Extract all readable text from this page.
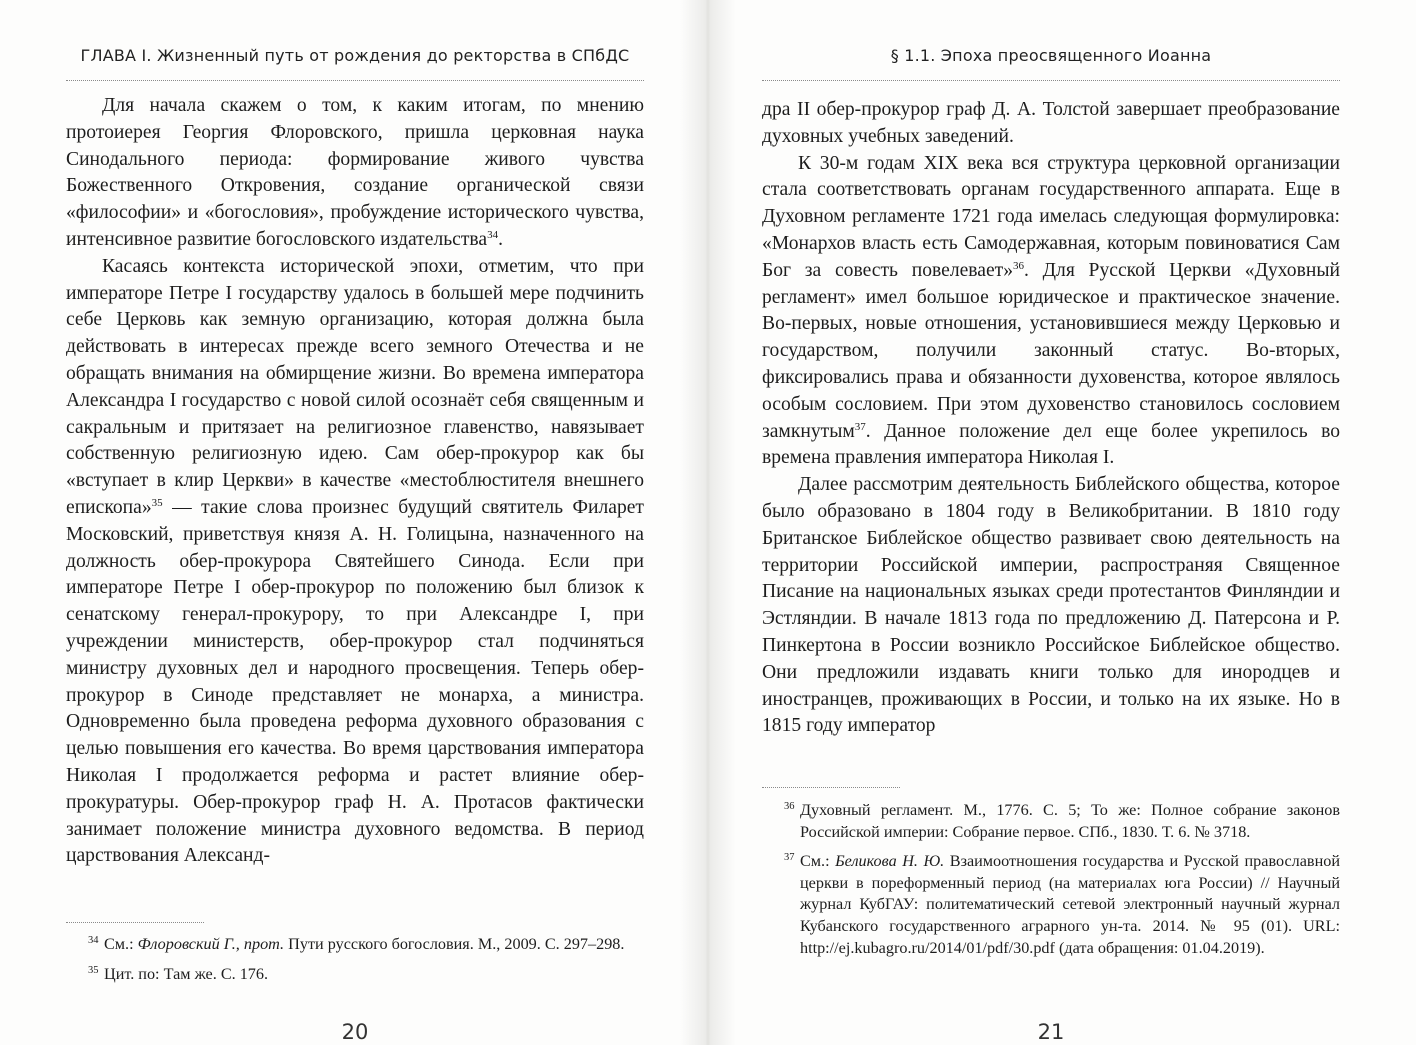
ГЛАВА I. Жизненный путь от рождения до ректорства в СПбДС

Для начала скажем о том, к каким итогам, по мнению протоиерея Георгия Флоровского, пришла церковная наука Синодального периода: формирование живого чувства Божественного Откровения, создание органической связи «философии» и «богословия», пробуждение исторического чувства, интенсивное развитие богословского издательства$^{34}$.

Касаясь контекста исторической эпохи, отметим, что при императоре Петре I государству удалось в большей мере подчинить себе Церковь как земную организацию, которая должна была действовать в интересах прежде всего земного Отечества и не обращать внимания на обмирщение жизни. Во времена императора Александра I государство с новой силой осознаёт себя священным и сакральным и притязает на религиозное главенство, навязывает собственную религиозную идею. Сам обер-прокурор как бы «вступает в клир Церкви» в качестве «местоблюстителя внешнего епископа»$^{35}$ — такие слова произнес будущий святитель Филарет Московский, приветствуя князя А. Н. Голицына, назначенного на должность обер-прокурора Святейшего Синода. Если при императоре Петре I обер-прокурор по положению был близок к сенатскому генерал-прокурору, то при Александре I, при учреждении министерств, обер-прокурор стал подчиняться министру духовных дел и народного просвещения. Теперь обер-прокурор в Синоде представляет не монарха, а министра. Одновременно была проведена реформа духовного образования с целью повышения его качества. Во время царствования императора Николая I продолжается реформа и растет влияние обер-прокуратуры. Обер-прокурор граф Н. А. Протасов фактически занимает положение министра духовного ведомства. В период царствования Александ-

34 См.: Флоровский Г., прот. Пути русского богословия. М., 2009. С. 297–298.
35 Цит. по: Там же. С. 176.
20
§ 1.1. Эпоха преосвященного Иоанна

дра II обер-прокурор граф Д. А. Толстой завершает преобразование духовных учебных заведений.

К 30-м годам XIX века вся структура церковной организации стала соответствовать органам государственного аппарата. Еще в Духовном регламенте 1721 года имелась следующая формулировка: «Монархов власть есть Самодержавная, которым повиноватися Сам Бог за совесть повелевает»$^{36}$. Для Русской Церкви «Духовный регламент» имел большое юридическое и практическое значение. Во-первых, новые отношения, установившиеся между Церковью и государством, получили законный статус. Во-вторых, фиксировались права и обязанности духовенства, которое являлось особым сословием. При этом духовенство становилось сословием замкнутым$^{37}$. Данное положение дел еще более укрепилось во времена правления императора Николая I.

Далее рассмотрим деятельность Библейского общества, которое было образовано в 1804 году в Великобритании. В 1810 году Британское Библейское общество развивает свою деятельность на территории Российской империи, распространяя Священное Писание на национальных языках среди протестантов Финляндии и Эстляндии. В начале 1813 года по предложению Д. Патерсона и Р. Пинкертона в России возникло Российское Библейское общество. Они предложили издавать книги только для инородцев и иностранцев, проживающих в России, и только на их языке. Но в 1815 году император

36 Духовный регламент. М., 1776. С. 5; То же: Полное собрание законов Российской империи: Собрание первое. СПб., 1830. Т. 6. № 3718.
37 См.: Беликова Н. Ю. Взаимоотношения государства и Русской православной церкви в пореформенный период (на материалах юга России) // Научный журнал КубГАУ: политематический сетевой электронный научный журнал Кубанского государственного аграрного ун-та. 2014. № 95 (01). URL: http://ej.kubagro.ru/2014/01/pdf/30.pdf (дата обращения: 01.04.2019).
21
